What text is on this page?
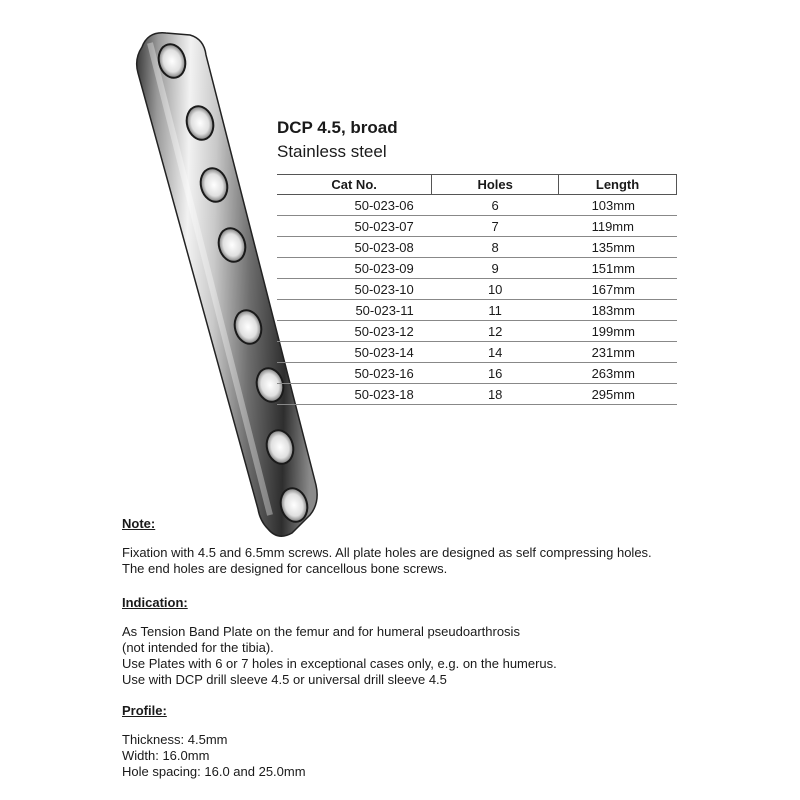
DCP 4.5, broad
Stainless steel
Cat No.	Holes	Length
50-023-06	6	103mm
50-023-07	7	119mm
50-023-08	8	135mm
50-023-09	9	151mm
50-023-10	10	167mm
50-023-11	11	183mm
50-023-12	12	199mm
50-023-14	14	231mm
50-023-16	16	263mm
50-023-18	18	295mm
Note:
Fixation with 4.5 and 6.5mm screws. All plate holes are designed as self compressing holes.
The end holes are designed for cancellous bone screws.
Indication:
As Tension Band Plate on the femur and for humeral pseudoarthrosis
(not intended for the tibia).
Use Plates with 6 or 7 holes in exceptional cases only, e.g. on the humerus.
Use with DCP drill sleeve 4.5 or universal drill sleeve 4.5
Profile:
Thickness: 4.5mm
Width: 16.0mm
Hole spacing: 16.0 and 25.0mm
